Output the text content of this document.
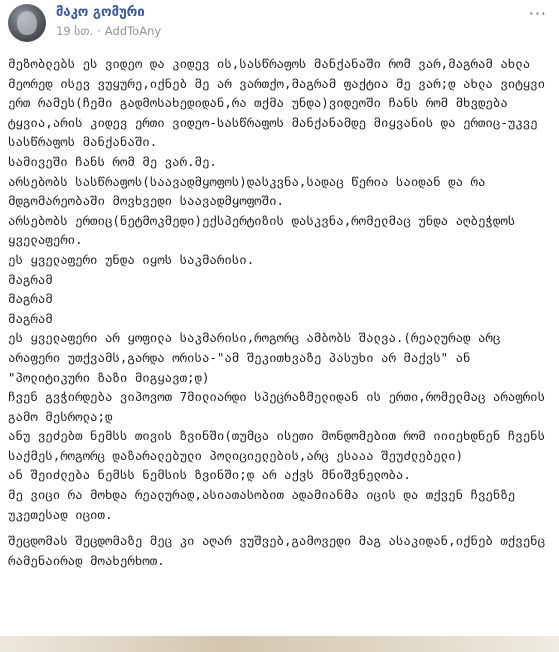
მაკო გომური
19 სთ. · AddToAny
···

მეზობლებს ეს ვიდეო და კიდევ ის,სასწრაფოს მანქანაში რომ ვარ,მაგრამ ახლა მეორედ ისევ ვუყურე,იქნებ მე არ ვართქო,მაგრამ ფაქტია მე ვარ;დ ახლა ვიტყვი ერთ რამეს(ჩემი გადმოსახედიდან,რა თქმა უნდა)ვიდეოში ჩანს რომ მხვდება ტყვია,არის კიდევ ერთი ვიდეო-სასწრაფოს მანქანამდე მიყვანის და ერთიც-უკვე სასწრაფოს მანქანაში.

სამივეში ჩანს რომ მე ვარ.მე.

არსებობს სასწრაფოს(საავადმყოფოს)დასკვნა,სადაც წერია საიდან და რა მდგომარეობაში მოვხვედი საავადმყოფოში.

არსებობს ერთიც(ნეტმოკმედი)ექსპერტიზის დასკვნა,რომელმაც უნდა აღბეჭდოს ყველაფერი.

ეს ყველაფერი უნდა იყოს საკმარისი.

მაგრამ

მაგრამ

მაგრამ

ეს ყველაფერი არ ყოფილა საკმარისი,როგორც ამბობს შალვა.(რეალურად არც არაფერი უთქვამს,გარდა ორისა-"ამ შეკითხვაზე პასუხი არ მაქვს" ან "პოლიტიკური ზაზი მიგყავთ;დ)

ჩვენ გვჭირდება ვიპოვოთ 7მილიარდი სპეცრაზმელიდან ის ერთი,რომელმაც არაფრის გამო მესროლა;დ

ანუ ვეძებთ ნემსს თივის ზვინში(თუმცა ისეთი მონდომებით რომ იიიეხდნენ ჩვენს საქმეს,როგორც დაზარალებული პოლიციელების,არც ესააა შეუძლებელი)

ან შეიძლება ნემსს ნემსის ზვინში;დ არ აქვს მნიშვნელობა.

მე ვიცი რა მოხდა რეალურად,ასიათასობით ადამიანმა იცის და თქვენ ჩვენზე უკეთესად იცით.

შეცდომას შეცდომაზე მეც კი აღარ ვუშვებ,გამოვედი მაგ ასაკიდან,იქნებ თქვენც რამენაირად მოახერხოთ.
